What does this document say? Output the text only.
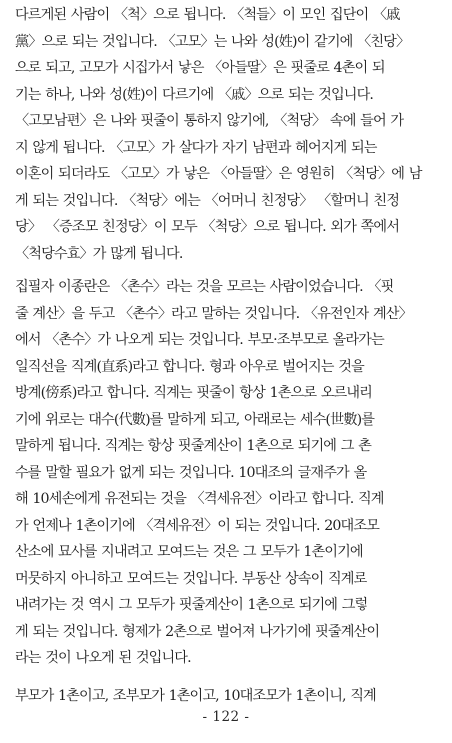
다르게된 사람이 〈척〉으로 됩니다. 〈척들〉이 모인 집단이 〈戚
黨〉으로 되는 것입니다. 〈고모〉는 나와 성(姓)이 같기에 〈친당〉
으로 되고, 고모가 시집가서 낳은 〈아들딸〉은 핏줄로 4촌이 되
기는 하나, 나와 성(姓)이 다르기에 〈戚〉으로 되는 것입니다.
〈고모남편〉은 나와 핏줄이 통하지 않기에, 〈척당〉 속에 들어 가
지 않게 됩니다. 〈고모〉가 살다가 자기 남편과 헤어지게 되는
이혼이 되더라도 〈고모〉가 낳은 〈아들딸〉은 영원히 〈척당〉에 남
게 되는 것입니다. 〈척당〉에는 〈어머니 친정당〉 〈할머니 친정
당〉 〈증조모 친정당〉이 모두 〈척당〉으로 됩니다. 외가 쪽에서
〈척당수효〉가 많게 됩니다.
집필자 이종란은 〈촌수〉라는 것을 모르는 사람이었습니다. 〈핏
줄 계산〉을 두고 〈촌수〉라고 말하는 것입니다. 〈유전인자 계산〉
에서 〈촌수〉가 나오게 되는 것입니다. 부모·조부모로 올라가는
일직선을 직계(直系)라고 합니다. 형과 아우로 벌어지는 것을
방계(傍系)라고 합니다. 직계는 핏줄이 항상 1촌으로 오르내리
기에 위로는 대수(代數)를 말하게 되고, 아래로는 세수(世數)를
말하게 됩니다. 직계는 항상 핏줄계산이 1촌으로 되기에 그 촌
수를 말할 필요가 없게 되는 것입니다. 10대조의 글재주가 올
해 10세손에게 유전되는 것을 〈격세유전〉이라고 합니다. 직계
가 언제나 1촌이기에 〈격세유전〉이 되는 것입니다. 20대조모
산소에 묘사를 지내려고 모여드는 것은 그 모두가 1촌이기에
머뭇하지 아니하고 모여드는 것입니다. 부동산 상속이 직계로
내려가는 것 역시 그 모두가 핏줄계산이 1촌으로 되기에 그렇
게 되는 것입니다. 형제가 2촌으로 벌어져 나가기에 핏줄계산이
라는 것이 나오게 된 것입니다.
부모가 1촌이고, 조부모가 1촌이고, 10대조모가 1촌이니, 직계
- 122 -
